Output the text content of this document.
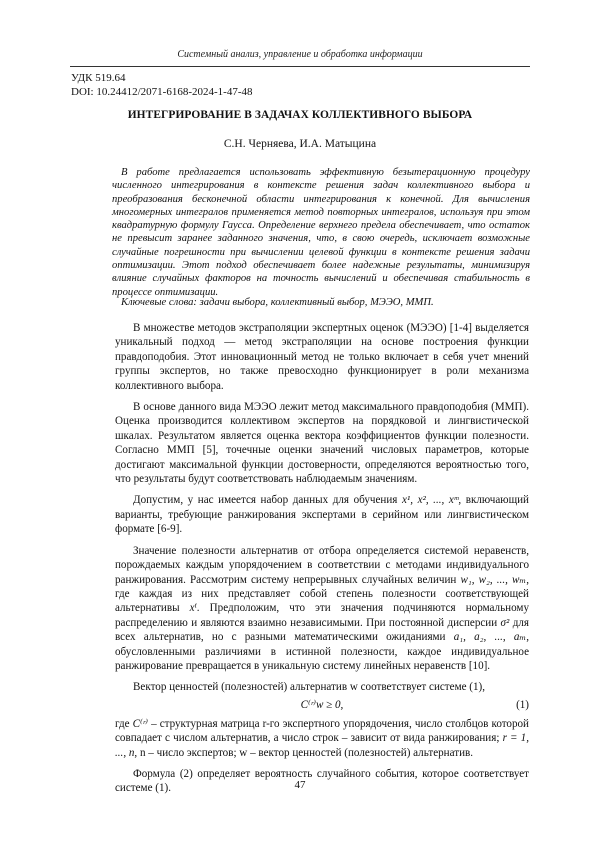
Системный анализ, управление и обработка информации
УДК 519.64
DOI: 10.24412/2071-6168-2024-1-47-48
ИНТЕГРИРОВАНИЕ В ЗАДАЧАХ КОЛЛЕКТИВНОГО ВЫБОРА
С.Н. Черняева, И.А. Матыцина

В работе предлагается использовать эффективную безытерационную процедуру численного интегрирования в контексте решения задач коллективного выбора и преобразования бесконечной области интегрирования к конечной. Для вычисления многомерных интегралов применяется метод повторных интегралов, используя при этом квадратурную формулу Гаусса. Определение верхнего предела обеспечивает, что остаток не превысит заранее заданного значения, что, в свою очередь, исключает возможные случайные погрешности при вычислении целевой функции в контексте решения задачи оптимизации. Этот подход обеспечивает более надежные результаты, минимизируя влияние случайных факторов на точность вычислений и обеспечивая стабильность в процессе оптимизации.

Ключевые слова: задачи выбора, коллективный выбор, МЭЭО, ММП.

В множестве методов экстраполяции экспертных оценок (МЭЭО) [1-4] выделяется уникальный подход — метод экстраполяции на основе построения функции правдоподобия. Этот инновационный метод не только включает в себя учет мнений группы экспертов, но также превосходно функционирует в роли механизма коллективного выбора.

В основе данного вида МЭЭО лежит метод максимального правдоподобия (ММП). Оценка производится коллективом экспертов на порядковой и лингвистической шкалах. Результатом является оценка вектора коэффициентов функции полезности. Согласно ММП [5], точечные оценки значений числовых параметров, которые достигают максимальной функции достоверности, определяются вероятностью того, что результаты будут соответствовать наблюдаемым значениям.

Допустим, у нас имеется набор данных для обучения x¹, x², ..., xᵐ, включающий варианты, требующие ранжирования экспертами в серийном или лингвистическом формате [6-9].

Значение полезности альтернатив от отбора определяется системой неравенств, порождаемых каждым упорядочением в соответствии с методами индивидуального ранжирования. Рассмотрим систему непрерывных случайных величин w₁, w₂, ..., wₘ, где каждая из них представляет собой степень полезности соответствующей альтернативы xⁱ. Предположим, что эти значения подчиняются нормальному распределению и являются взаимно независимыми. При постоянной дисперсии σ² для всех альтернатив, но с разными математическими ожиданиями a₁, a₂, ..., aₘ, обусловленными различиями в истинной полезности, каждое индивидуальное ранжирование превращается в уникальную систему линейных неравенств [10].

Вектор ценностей (полезностей) альтернатив w соответствует системе (1),

C⁽ʳ⁾w ≥ 0,	(1)

где C⁽ʳ⁾ – структурная матрица r-го экспертного упорядочения, число столбцов которой совпадает с числом альтернатив, а число строк – зависит от вида ранжирования; r = 1, ..., n, n – число экспертов; w – вектор ценностей (полезностей) альтернатив.

Формула (2) определяет вероятность случайного события, которое соответствует системе (1).	47
